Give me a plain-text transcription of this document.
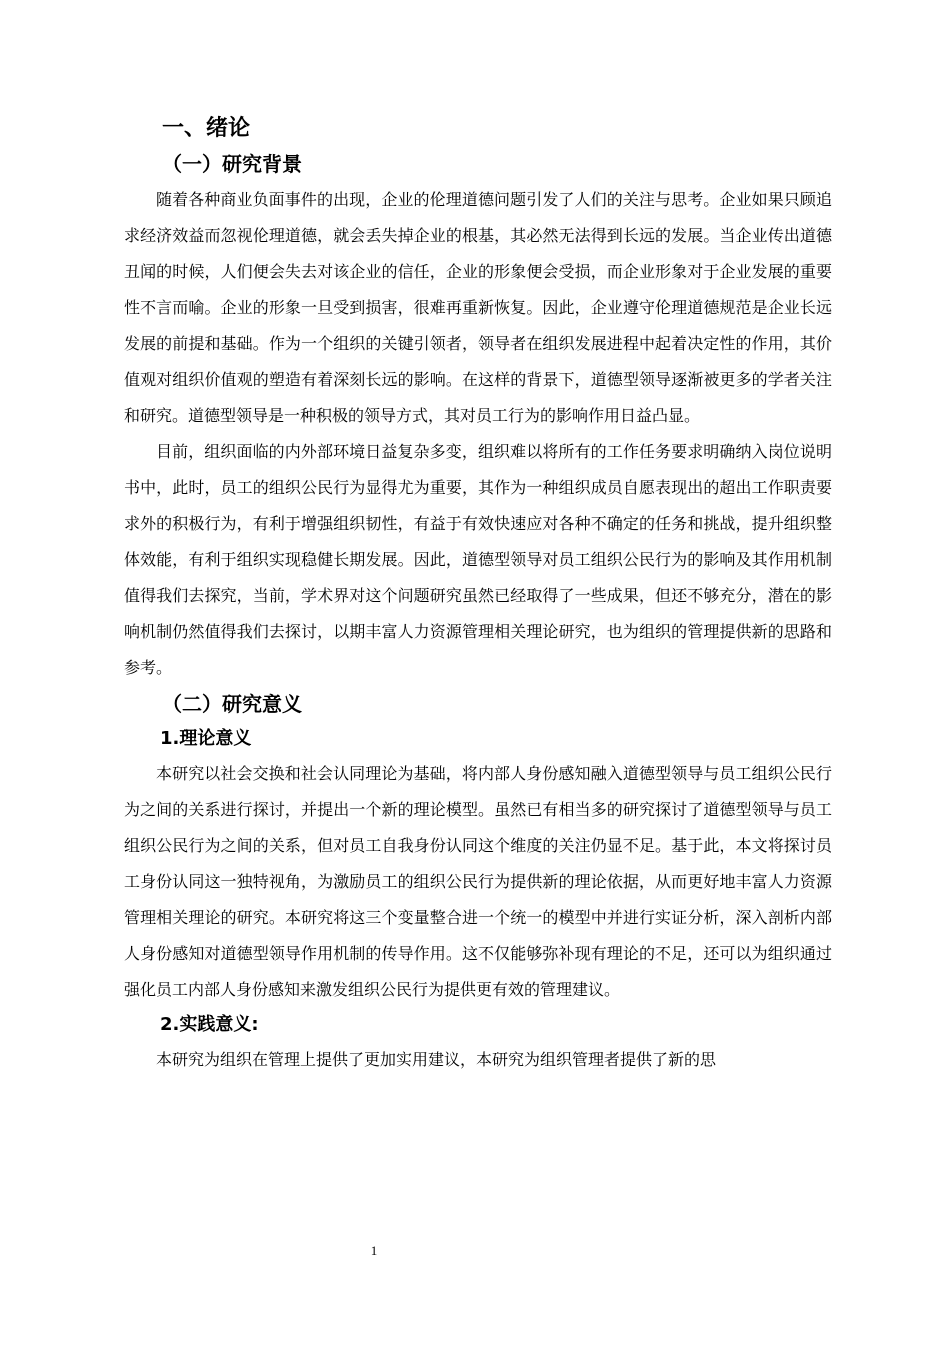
一、绪论
（一）研究背景

随着各种商业负面事件的出现，企业的伦理道德问题引发了人们的关注与思考。企业如果只顾追求经济效益而忽视伦理道德，就会丢失掉企业的根基，其必然无法得到长远的发展。当企业传出道德丑闻的时候，人们便会失去对该企业的信任，企业的形象便会受损，而企业形象对于企业发展的重要性不言而喻。企业的形象一旦受到损害，很难再重新恢复。因此，企业遵守伦理道德规范是企业长远发展的前提和基础。作为一个组织的关键引领者，领导者在组织发展进程中起着决定性的作用，其价值观对组织价值观的塑造有着深刻长远的影响。在这样的背景下，道德型领导逐渐被更多的学者关注和研究。道德型领导是一种积极的领导方式，其对员工行为的影响作用日益凸显。

目前，组织面临的内外部环境日益复杂多变，组织难以将所有的工作任务要求明确纳入岗位说明书中，此时，员工的组织公民行为显得尤为重要，其作为一种组织成员自愿表现出的超出工作职责要求外的积极行为，有利于增强组织韧性，有益于有效快速应对各种不确定的任务和挑战，提升组织整体效能，有利于组织实现稳健长期发展。因此，道德型领导对员工组织公民行为的影响及其作用机制值得我们去探究，当前，学术界对这个问题研究虽然已经取得了一些成果，但还不够充分，潜在的影响机制仍然值得我们去探讨，以期丰富人力资源管理相关理论研究，也为组织的管理提供新的思路和参考。

（二）研究意义
1.理论意义

本研究以社会交换和社会认同理论为基础，将内部人身份感知融入道德型领导与员工组织公民行为之间的关系进行探讨，并提出一个新的理论模型。虽然已有相当多的研究探讨了道德型领导与员工组织公民行为之间的关系，但对员工自我身份认同这个维度的关注仍显不足。基于此，本文将探讨员工身份认同这一独特视角，为激励员工的组织公民行为提供新的理论依据，从而更好地丰富人力资源管理相关理论的研究。本研究将这三个变量整合进一个统一的模型中并进行实证分析，深入剖析内部人身份感知对道德型领导作用机制的传导作用。这不仅能够弥补现有理论的不足，还可以为组织通过强化员工内部人身份感知来激发组织公民行为提供更有效的管理建议。

2.实践意义:

本研究为组织在管理上提供了更加实用建议，本研究为组织管理者提供了新的思

1
